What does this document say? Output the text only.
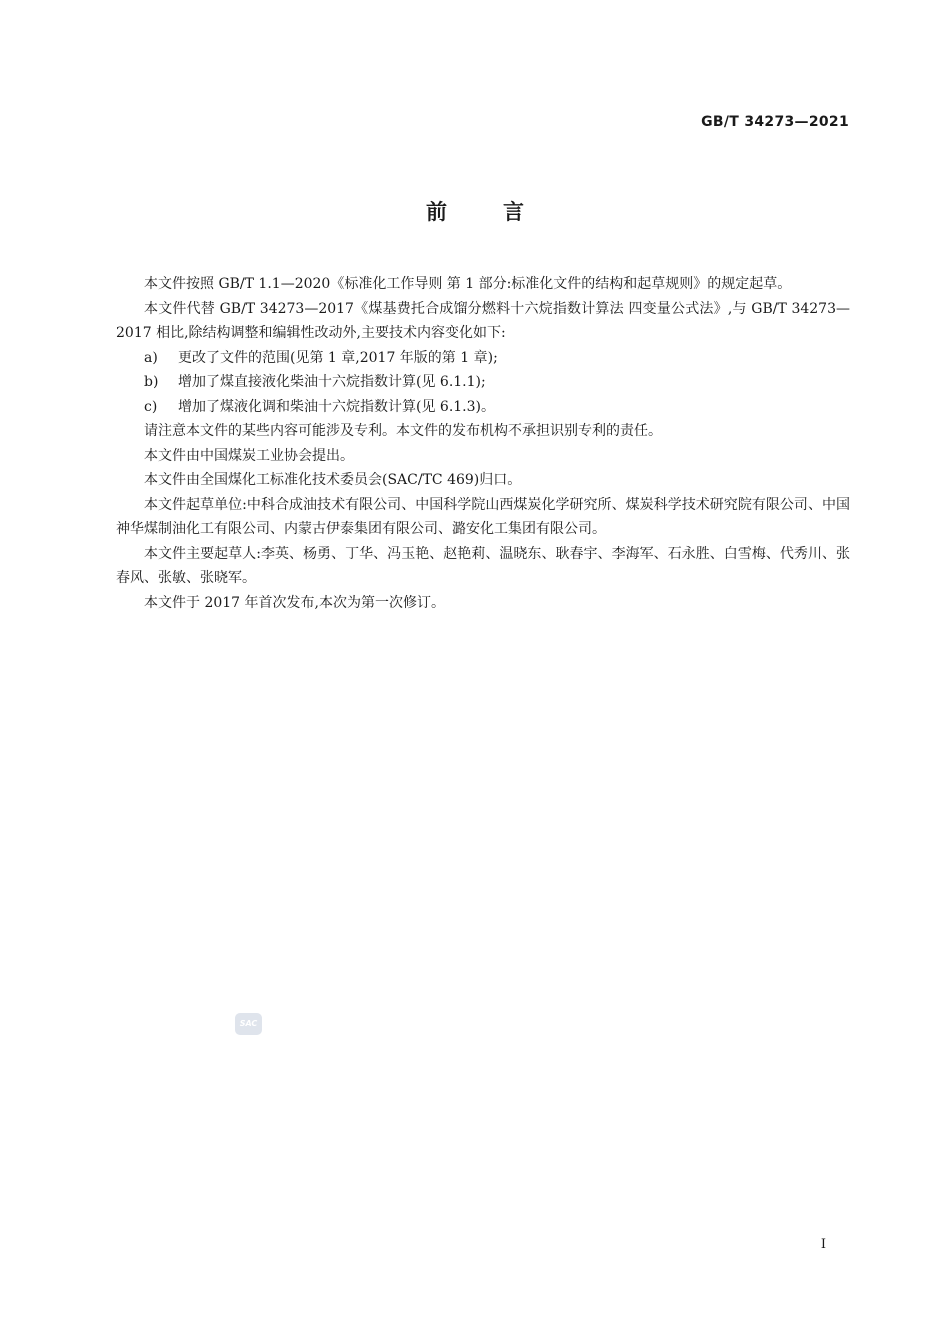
GB/T 34273—2021
前言

本文件按照 GB/T 1.1—2020《标准化工作导则 第 1 部分:标准化文件的结构和起草规则》的规定起草。

本文件代替 GB/T 34273—2017《煤基费托合成馏分燃料十六烷指数计算法 四变量公式法》,与 GB/T 34273—2017 相比,除结构调整和编辑性改动外,主要技术内容变化如下:

a) 更改了文件的范围(见第 1 章,2017 年版的第 1 章);

b) 增加了煤直接液化柴油十六烷指数计算(见 6.1.1);

c) 增加了煤液化调和柴油十六烷指数计算(见 6.1.3)。

请注意本文件的某些内容可能涉及专利。本文件的发布机构不承担识别专利的责任。

本文件由中国煤炭工业协会提出。

本文件由全国煤化工标准化技术委员会(SAC/TC 469)归口。

本文件起草单位:中科合成油技术有限公司、中国科学院山西煤炭化学研究所、煤炭科学技术研究院有限公司、中国神华煤制油化工有限公司、内蒙古伊泰集团有限公司、潞安化工集团有限公司。

本文件主要起草人:李英、杨勇、丁华、冯玉艳、赵艳莉、温晓东、耿春宇、李海军、石永胜、白雪梅、代秀川、张春风、张敏、张晓军。

本文件于 2017 年首次发布,本次为第一次修订。

SAC
I
